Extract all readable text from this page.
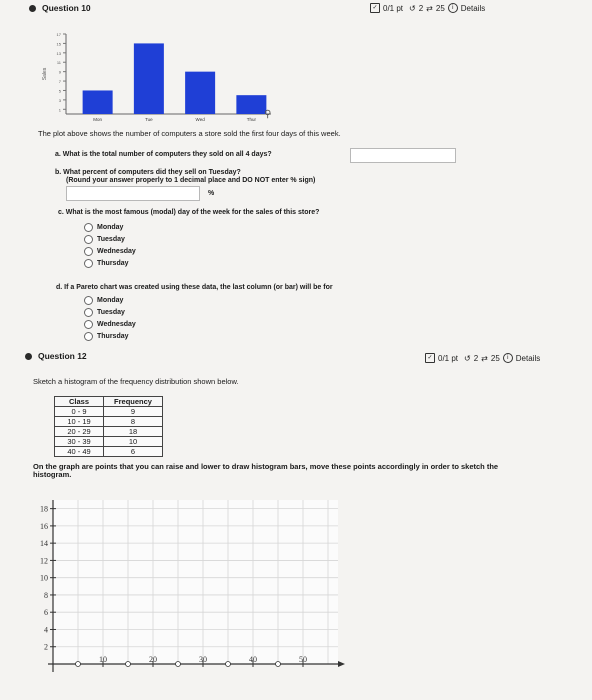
Question 10	✓ 0/1 pt ↺ 2 ⇄ 25	i Details
1
3
5
7
9
11
13
15
17
Sales
Mon	Tue	Wed	Thur ⚲
The plot above shows the number of computers a store sold the first four days of this week.
a. What is the total number of computers they sold on all 4 days?
b. What percent of computers did they sell on Tuesday?
(Round your answer properly to 1 decimal place and DO NOT enter % sign)
%
c. What is the most famous (modal) day of the week for the sales of this store?
Monday
Tuesday
Wednesday
Thursday
d. If a Pareto chart was created using these data, the last column (or bar) will be for
Monday
Tuesday
Wednesday
Thursday
Question 12	✓ 0/1 pt ↺ 2 ⇄ 25	i Details
Sketch a histogram of the frequency distribution shown below.
Class	Frequency
0 - 9	9
10 - 19	8
20 - 29	18
30 - 39	10
40 - 49	6
On the graph are points that you can raise and lower to draw histogram bars, move these points accordingly in order to sketch the histogram.
18
16
14
12
10
8
6
4
2
10	20	30	40	50
